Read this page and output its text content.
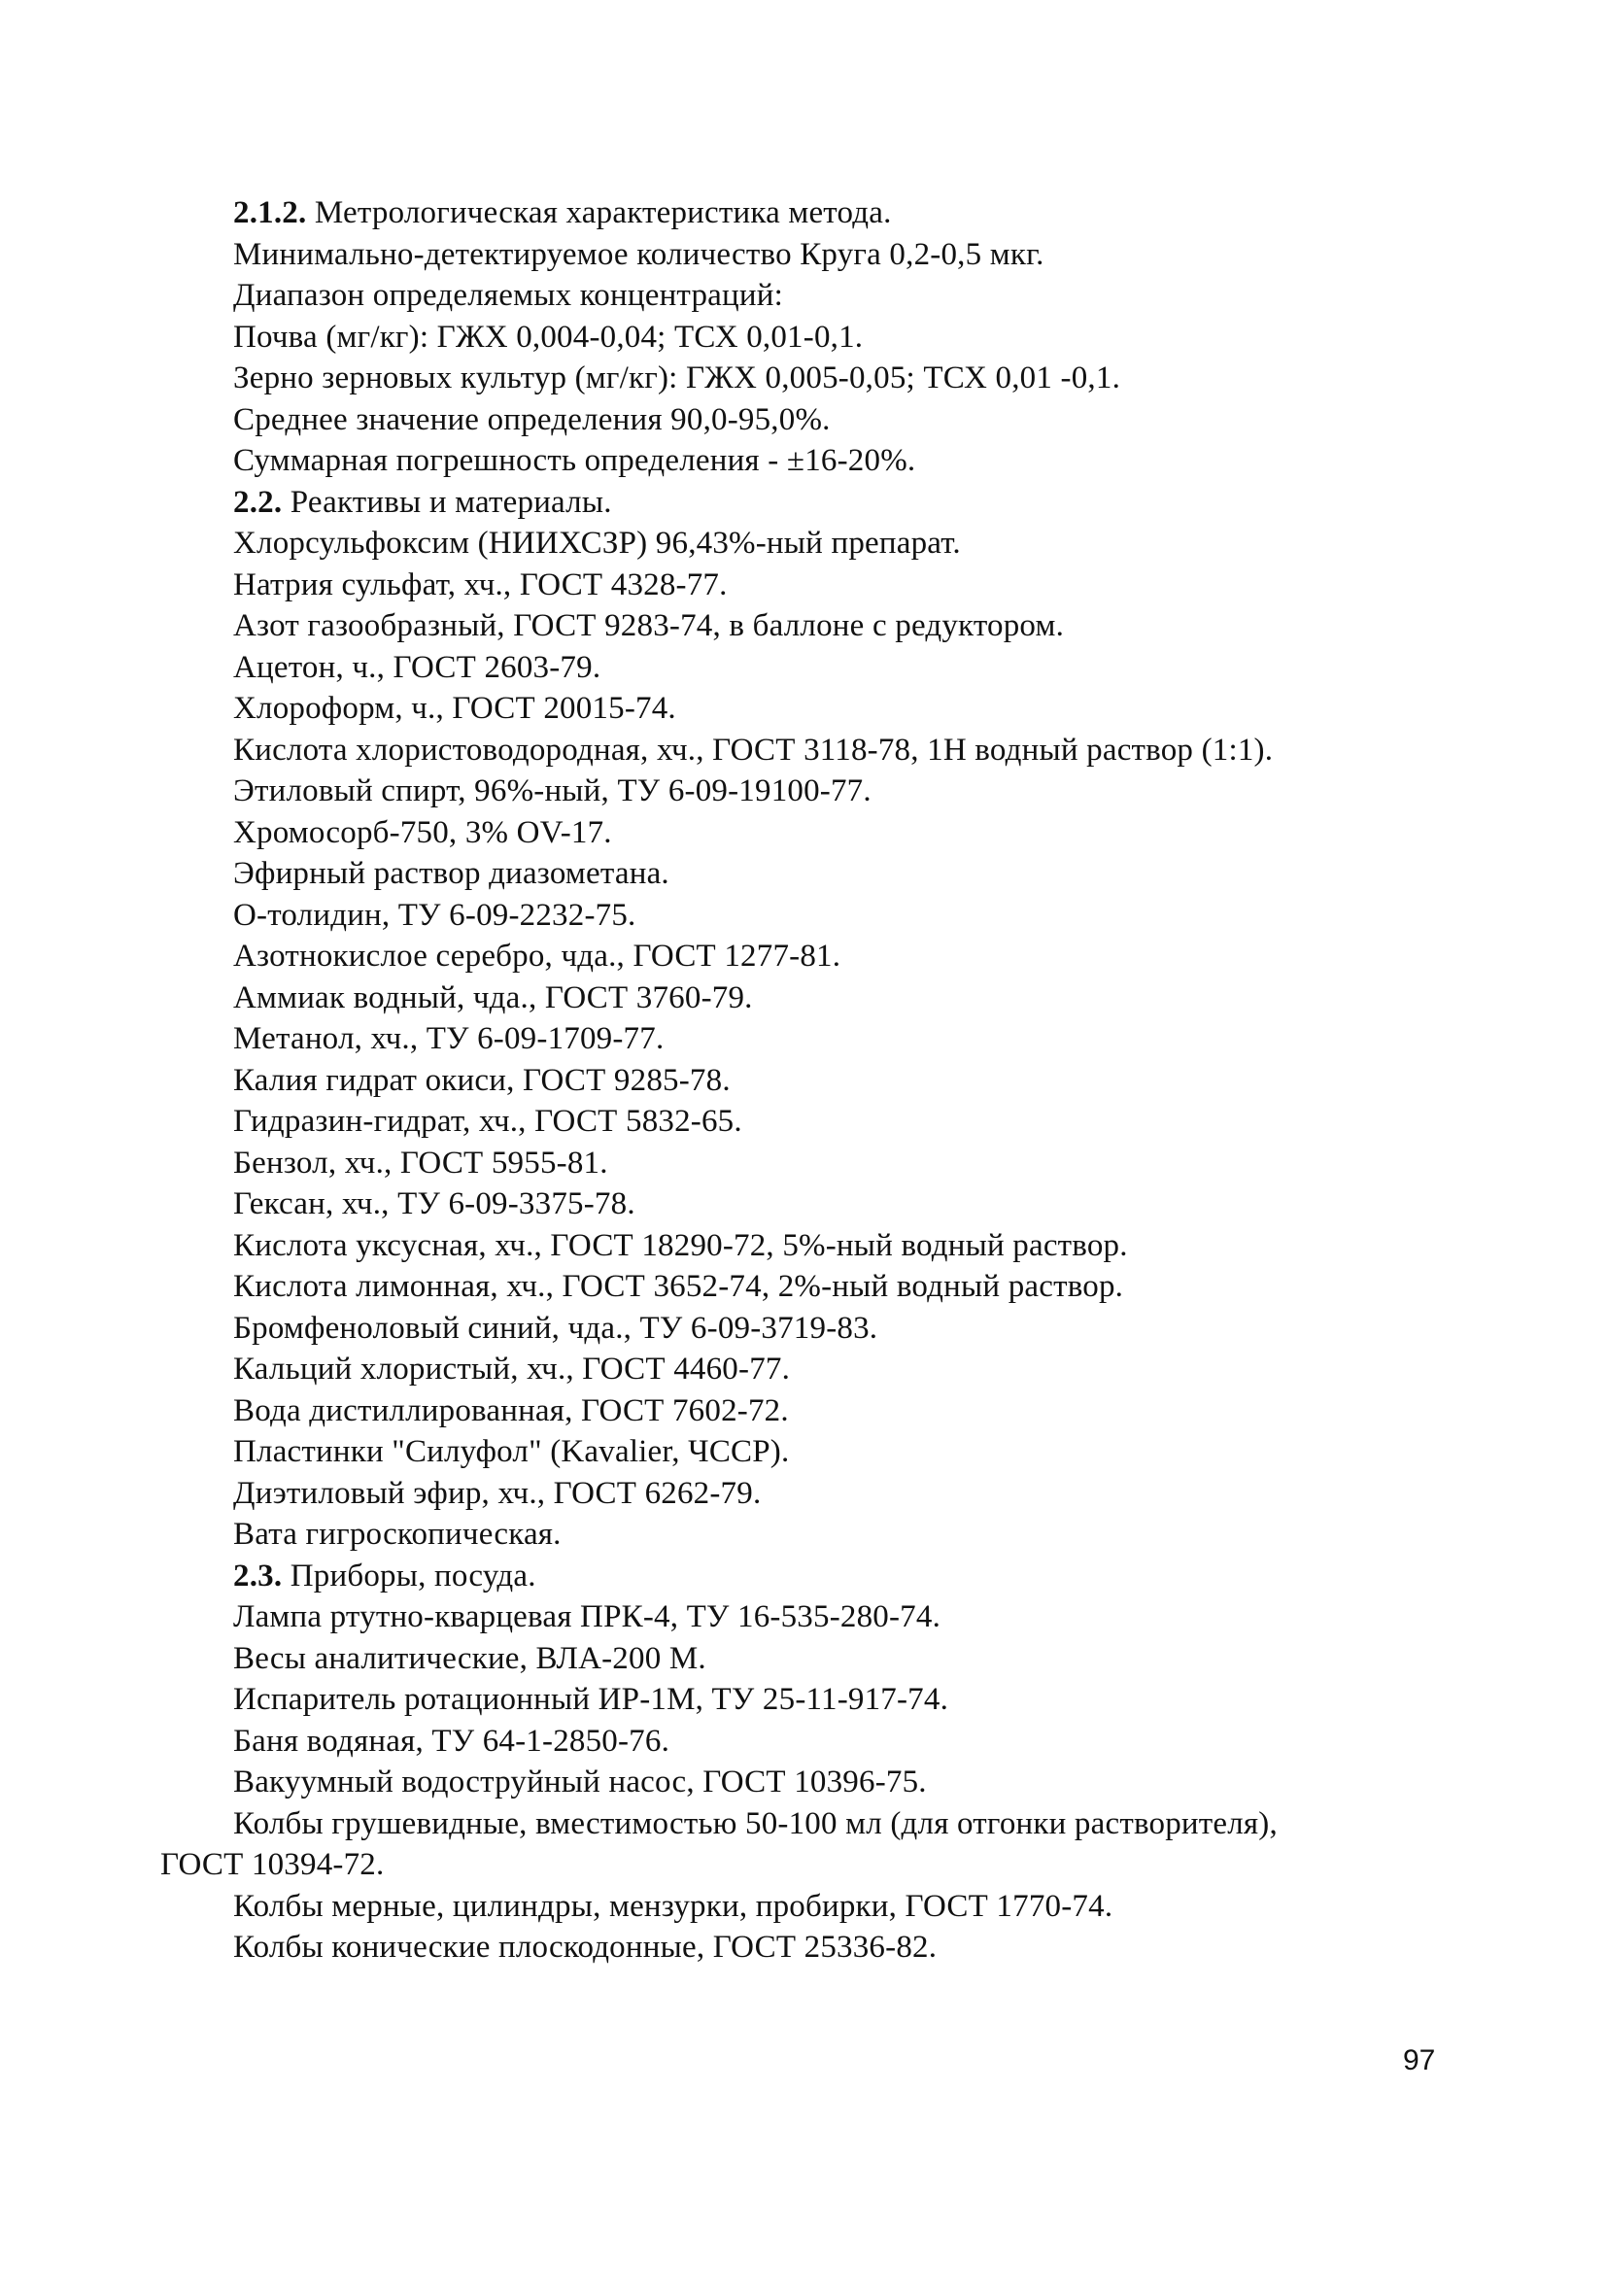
2.1.2. Метрологическая характеристика метода.
Минимально-детектируемое количество Круга 0,2-0,5 мкг.
Диапазон определяемых концентраций:
Почва (мг/кг): ГЖХ 0,004-0,04; ТСХ 0,01-0,1.
Зерно зерновых культур (мг/кг): ГЖХ 0,005-0,05; ТСХ 0,01 -0,1.
Среднее значение определения 90,0-95,0%.
Суммарная погрешность определения - ±16-20%.
2.2. Реактивы и материалы.
Хлорсульфоксим (НИИХСЗР) 96,43%-ный препарат.
Натрия сульфат, хч., ГОСТ 4328-77.
Азот газообразный, ГОСТ 9283-74, в баллоне с редуктором.
Ацетон, ч., ГОСТ 2603-79.
Хлороформ, ч., ГОСТ 20015-74.
Кислота хлористоводородная, хч., ГОСТ 3118-78, 1Н водный раствор (1:1).
Этиловый спирт, 96%-ный, ТУ 6-09-19100-77.
Хромосорб-750, 3% OV-17.
Эфирный раствор диазометана.
О-толидин, ТУ 6-09-2232-75.
Азотнокислое серебро, чда., ГОСТ 1277-81.
Аммиак водный, чда., ГОСТ 3760-79.
Метанол, хч., ТУ 6-09-1709-77.
Калия гидрат окиси, ГОСТ 9285-78.
Гидразин-гидрат, хч., ГОСТ 5832-65.
Бензол, хч., ГОСТ 5955-81.
Гексан, хч., ТУ 6-09-3375-78.
Кислота уксусная, хч., ГОСТ 18290-72, 5%-ный водный раствор.
Кислота лимонная, хч., ГОСТ 3652-74, 2%-ный водный раствор.
Бромфеноловый синий, чда., ТУ 6-09-3719-83.
Кальций хлористый, хч., ГОСТ 4460-77.
Вода дистиллированная, ГОСТ 7602-72.
Пластинки "Силуфол" (Kavalier, ЧССР).
Диэтиловый эфир, хч., ГОСТ 6262-79.
Вата гигроскопическая.
2.3. Приборы, посуда.
Лампа ртутно-кварцевая ПРК-4, ТУ 16-535-280-74.
Весы аналитические, ВЛА-200 М.
Испаритель ротационный ИР-1М, ТУ 25-11-917-74.
Баня водяная, ТУ 64-1-2850-76.
Вакуумный водоструйный насос, ГОСТ 10396-75.
Колбы грушевидные, вместимостью 50-100 мл (для отгонки растворителя),
ГОСТ 10394-72.
Колбы мерные, цилиндры, мензурки, пробирки, ГОСТ 1770-74.
Колбы конические плоскодонные, ГОСТ 25336-82.
97
